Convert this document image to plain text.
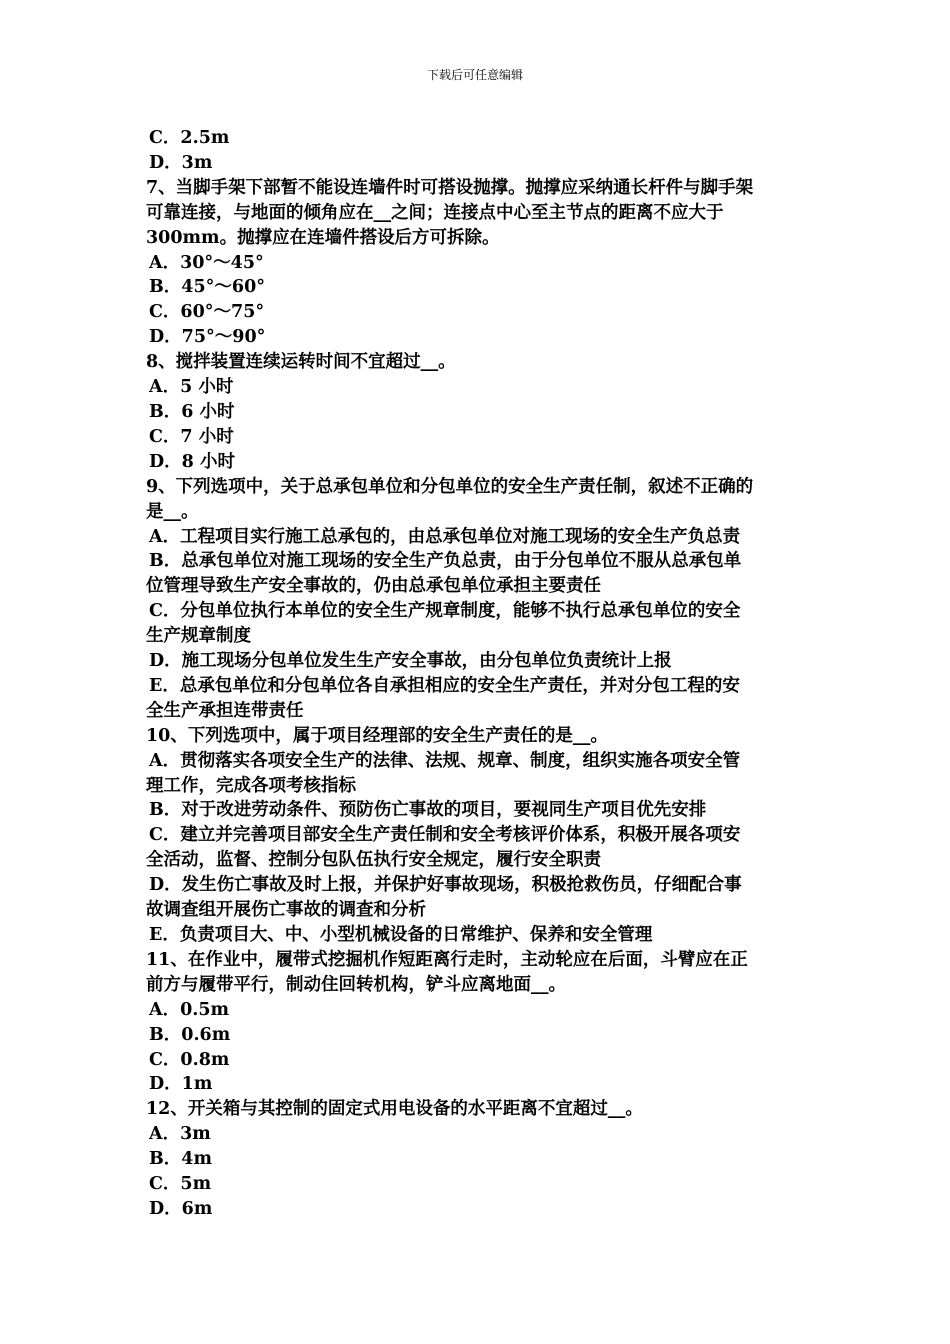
下载后可任意编辑
C．2.5m
D．3m
7、当脚手架下部暂不能设连墙件时可搭设抛撑。抛撑应采纳通长杆件与脚手架
可靠连接，与地面的倾角应在__之间；连接点中心至主节点的距离不应大于
300mm。抛撑应在连墙件搭设后方可拆除。
A．30°～45°
B．45°～60°
C．60°～75°
D．75°～90°
8、搅拌装置连续运转时间不宜超过__。
A．5 小时
B．6 小时
C．7 小时
D．8 小时
9、下列选项中，关于总承包单位和分包单位的安全生产责任制，叙述不正确的
是__。
A．工程项目实行施工总承包的，由总承包单位对施工现场的安全生产负总责
B．总承包单位对施工现场的安全生产负总责，由于分包单位不服从总承包单
位管理导致生产安全事故的，仍由总承包单位承担主要责任
C．分包单位执行本单位的安全生产规章制度，能够不执行总承包单位的安全
生产规章制度
D．施工现场分包单位发生生产安全事故，由分包单位负责统计上报
E．总承包单位和分包单位各自承担相应的安全生产责任，并对分包工程的安
全生产承担连带责任
10、下列选项中，属于项目经理部的安全生产责任的是__。
A．贯彻落实各项安全生产的法律、法规、规章、制度，组织实施各项安全管
理工作，完成各项考核指标
B．对于改进劳动条件、预防伤亡事故的项目，要视同生产项目优先安排
C．建立并完善项目部安全生产责任制和安全考核评价体系，积极开展各项安
全活动，监督、控制分包队伍执行安全规定，履行安全职责
D．发生伤亡事故及时上报，并保护好事故现场，积极抢救伤员，仔细配合事
故调查组开展伤亡事故的调查和分析
E．负责项目大、中、小型机械设备的日常维护、保养和安全管理
11、在作业中，履带式挖掘机作短距离行走时，主动轮应在后面，斗臂应在正
前方与履带平行，制动住回转机构，铲斗应离地面__。
A．0.5m
B．0.6m
C．0.8m
D．1m
12、开关箱与其控制的固定式用电设备的水平距离不宜超过__。
A．3m
B．4m
C．5m
D．6m
